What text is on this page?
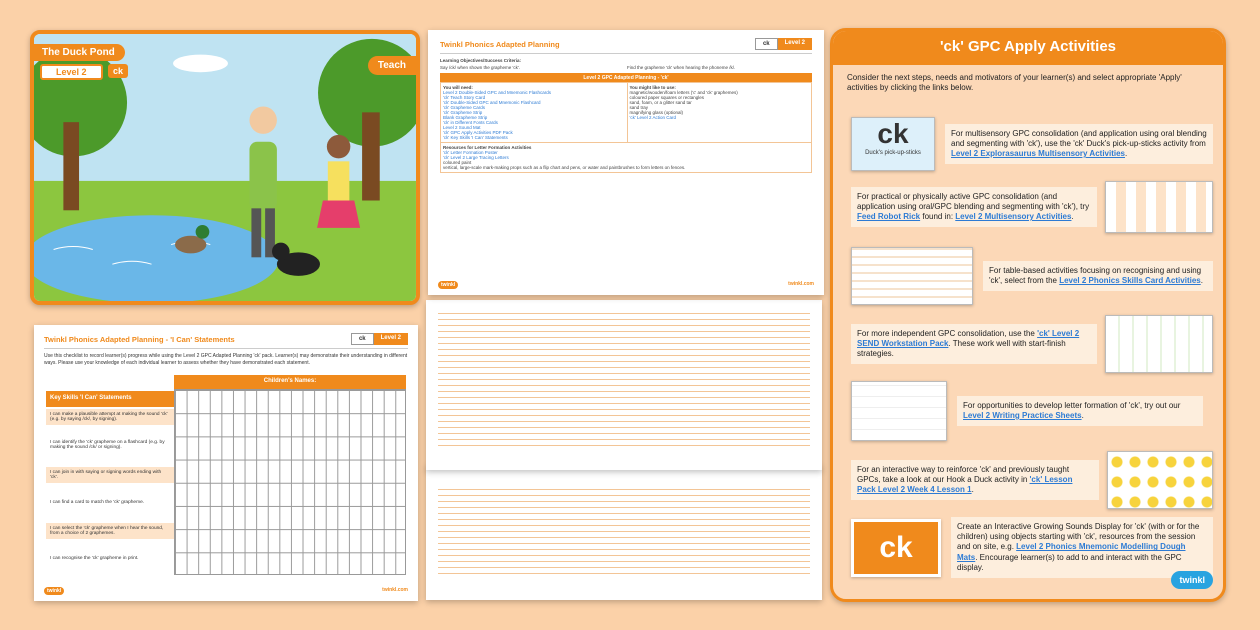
The Duck Pond
Level 2	ck	Teach
Twinkl Phonics Adapted Planning - 'I Can' Statements	ck	Level 2
Use this checklist to record learner(s) progress while using the Level 2 GPC Adapted Planning 'ck' pack. Learner(s) may demonstrate their understanding in different ways. Please use your knowledge of each individual learner to assess whether they have demonstrated each statement.
Children's Names:
Key Skills 'I Can' Statements
I can make a plausible attempt at making the sound 'ck' (e.g. by saying /ck/, by signing).
I can identify the 'ck' grapheme on a flashcard (e.g. by making the sound /ck/ or signing).
I can join in with saying or signing words ending with 'ck'.
I can find a card to match the 'ck' grapheme.
I can select the 'ck' grapheme when I hear the sound, from a choice of 2 graphemes.
I can recognise the 'ck' grapheme in print.
twinkl	twinkl.com
Twinkl Phonics Adapted Planning	ck	Level 2
Learning Objectives/Success Criteria:
Say /ck/ when shown the grapheme 'ck'.	Find the grapheme 'ck' when hearing the phoneme /k/.
Level 2 GPC Adapted Planning - 'ck'
You will need:
Level 2 Double-Sided GPC and Mnemonic Flashcards
'ck' Teach Story Card
'ck' Double-Sided GPC and Mnemonic Flashcard
'ck' Grapheme Cards
'ck' Grapheme Strip
Blank Grapheme Strip
'ck' in Different Fonts Cards
Level 2 Sound Mat
'ck' GPC Apply Activities PDF Pack
'ck' Key Skills 'I Can' Statements
You might like to use:
magnetic/wooden/foam letters ('c' and 'ck' graphemes)
coloured paper squares or rectangles
sand, foam, or a glitter sand tar
sand tray
magnifying glass (optional)
'ck' Level 2 Action Card
Resources for Letter Formation Activities
'ck' Letter Formation Poster
'ck' Level 2 Large Tracing Letters
coloured paint
vertical, large-scale mark-making props such as a flip chart and pens, or water and paintbrushes to form letters on fences.
twinkl	twinkl.com
'ck' GPC Apply Activities
Consider the next steps, needs and motivators of your learner(s) and select appropriate 'Apply' activities by clicking the links below.
ck
Duck's pick-up-sticks
For multisensory GPC consolidation (and application using oral blending and segmenting with 'ck'), use the 'ck' Duck's pick-up-sticks activity from Level 2 Explorasaurus Multisensory Activities.
For practical or physically active GPC consolidation (and application using oral/GPC blending and segmenting with 'ck'), try Feed Robot Rick found in: Level 2 Multisensory Activities.
For table-based activities focusing on recognising and using 'ck', select from the Level 2 Phonics Skills Card Activities.
For more independent GPC consolidation, use the 'ck' Level 2 SEND Workstation Pack. These work well with start-finish strategies.
For opportunities to develop letter formation of 'ck', try out our Level 2 Writing Practice Sheets.
For an interactive way to reinforce 'ck' and previously taught GPCs, take a look at our Hook a Duck activity in 'ck' Lesson Pack Level 2 Week 4 Lesson 1.
ck
Create an Interactive Growing Sounds Display for 'ck' (with or for the children) using objects starting with 'ck', resources from the session and on site, e.g. Level 2 Phonics Mnemonic Modelling Dough Mats. Encourage learner(s) to add to and interact with the GPC display.
twinkl
